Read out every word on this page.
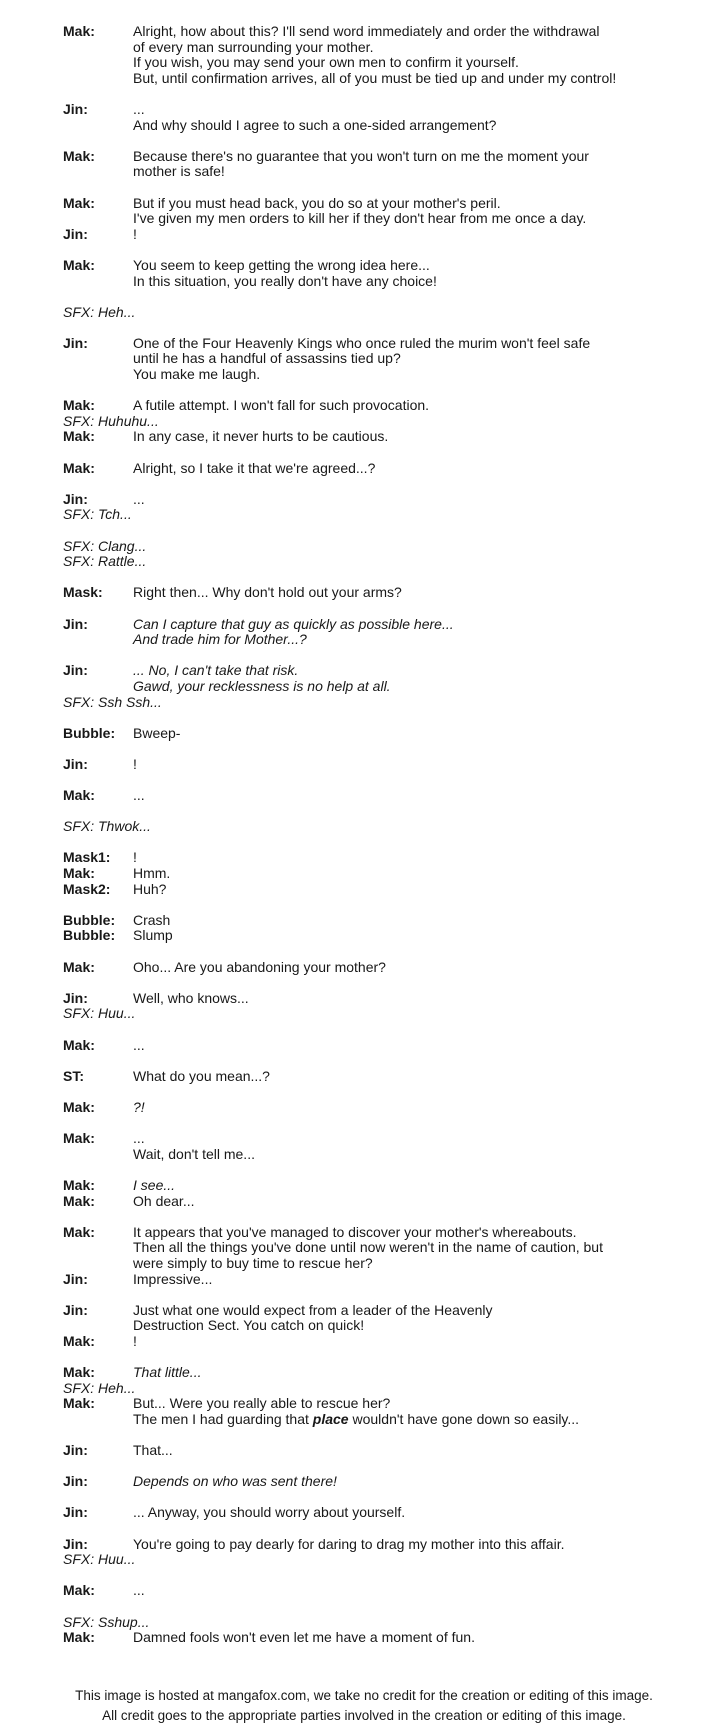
Mak:	Alright, how about this? I'll send word immediately and order the withdrawal
of every man surrounding your mother.
If you wish, you may send your own men to confirm it yourself.
But, until confirmation arrives, all of you must be tied up and under my control!
Jin:	...
And why should I agree to such a one-sided arrangement?
Mak:	Because there's no guarantee that you won't turn on me the moment your
mother is safe!
Mak:	But if you must head back, you do so at your mother's peril.
I've given my men orders to kill her if they don't hear from me once a day.
Jin:	!
Mak:	You seem to keep getting the wrong idea here...
In this situation, you really don't have any choice!
SFX: Heh...
Jin:	One of the Four Heavenly Kings who once ruled the murim won't feel safe
until he has a handful of assassins tied up?
You make me laugh.
Mak:	A futile attempt. I won't fall for such provocation.
SFX: Huhuhu...
Mak:	In any case, it never hurts to be cautious.
Mak:	Alright, so I take it that we're agreed...?
Jin:	...
SFX: Tch...
SFX: Clang...
SFX: Rattle...
Mask:	Right then... Why don't hold out your arms?
Jin:	Can I capture that guy as quickly as possible here...
And trade him for Mother...?
Jin:	... No, I can't take that risk.
Gawd, your recklessness is no help at all.
SFX: Ssh Ssh...
Bubble:	Bweep-
Jin:	!
Mak:	...
SFX: Thwok...
Mask1:	!
Mak:	Hmm.
Mask2:	Huh?
Bubble:	Crash
Bubble:	Slump
Mak:	Oho... Are you abandoning your mother?
Jin:	Well, who knows...
SFX: Huu...
Mak:	...
ST:	What do you mean...?
Mak:	?!
Mak:	...
Wait, don't tell me...
Mak:	I see...
Mak:	Oh dear...
Mak:	It appears that you've managed to discover your mother's whereabouts.
Then all the things you've done until now weren't in the name of caution, but
were simply to buy time to rescue her?
Jin:	Impressive...
Jin:	Just what one would expect from a leader of the Heavenly
Destruction Sect. You catch on quick!
Mak:	!
Mak:	That little...
SFX: Heh...
Mak:	But... Were you really able to rescue her?
The men I had guarding that place wouldn't have gone down so easily...
Jin:	That...
Jin:	Depends on who was sent there!
Jin:	... Anyway, you should worry about yourself.
Jin:	You're going to pay dearly for daring to drag my mother into this affair.
SFX: Huu...
Mak:	...
SFX: Sshup...
Mak:	Damned fools won't even let me have a moment of fun.
This image is hosted at mangafox.com, we take no credit for the creation or editing of this image.
All credit goes to the appropriate parties involved in the creation or editing of this image.
